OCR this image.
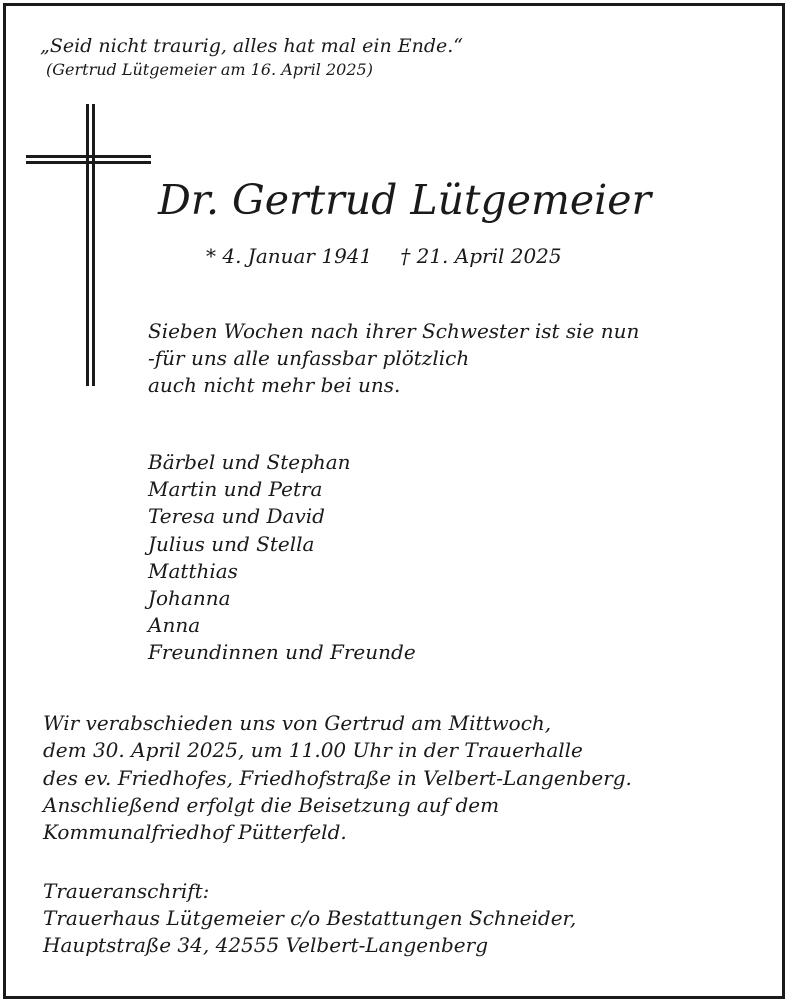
„Seid nicht traurig, alles hat mal ein Ende.“
(Gertrud Lütgemeier am 16. April 2025)
Dr. Gertrud Lütgemeier
* 4. Januar 1941 † 21. April 2025
Sieben Wochen nach ihrer Schwester ist sie nun
-für uns alle unfassbar plötzlich
auch nicht mehr bei uns.
Bärbel und Stephan
Martin und Petra
Teresa und David
Julius und Stella
Matthias
Johanna
Anna
Freundinnen und Freunde
Wir verabschieden uns von Gertrud am Mittwoch,
dem 30. April 2025, um 11.00 Uhr in der Trauerhalle
des ev. Friedhofes, Friedhofstraße in Velbert-Langenberg.
Anschließend erfolgt die Beisetzung auf dem
Kommunalfriedhof Pütterfeld.
Traueranschrift:
Trauerhaus Lütgemeier c/o Bestattungen Schneider,
Hauptstraße 34, 42555 Velbert-Langenberg
